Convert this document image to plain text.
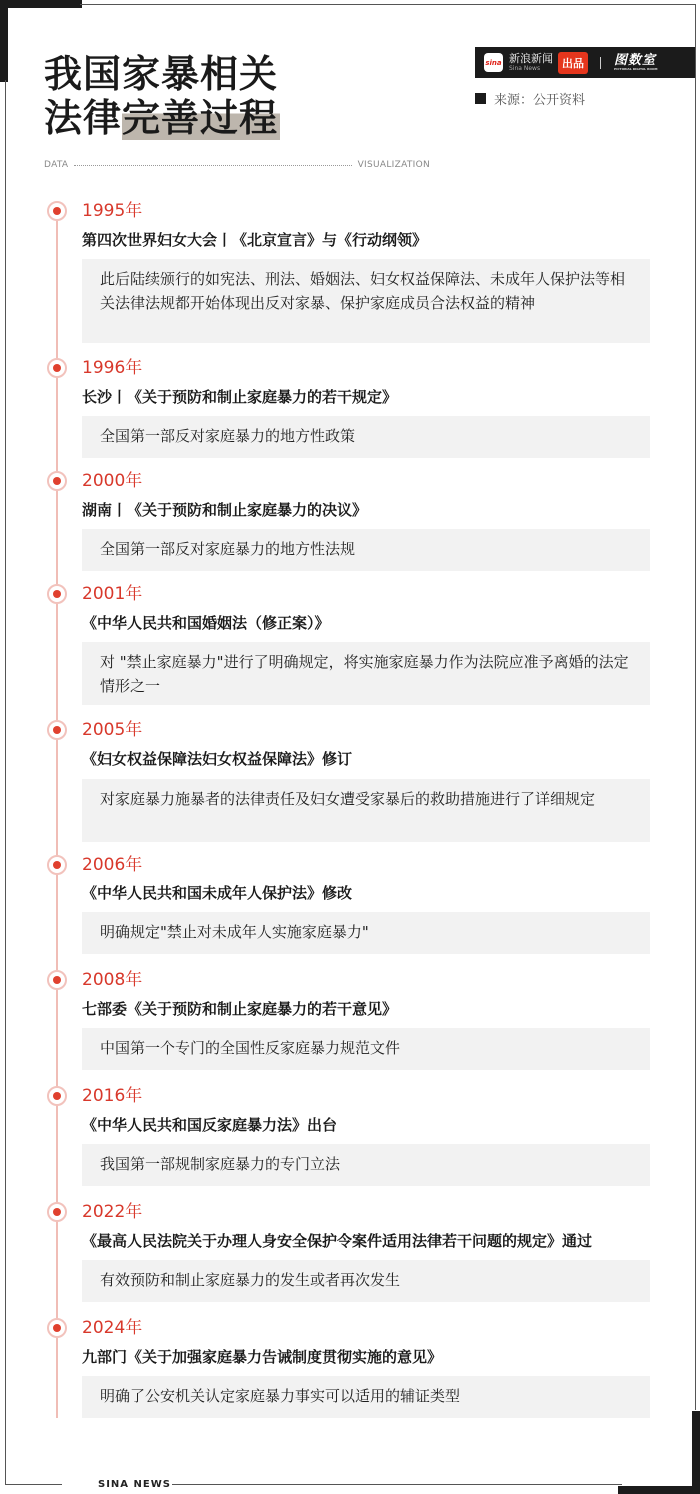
我国家暴相关
法律完善过程
sina 新浪新闻
Sina News	出品	图数室
PICTORIAL DIGITAL ROOM
来源：公开资料
DATA	VISUALIZATION
1995年
第四次世界妇女大会丨《北京宣言》与《行动纲领》
此后陆续颁行的如宪法、刑法、婚姻法、妇女权益保障法、未成年人保护法等相关法律法规都开始体现出反对家暴、保护家庭成员合法权益的精神
1996年
长沙丨《关于预防和制止家庭暴力的若干规定》
全国第一部反对家庭暴力的地方性政策
2000年
湖南丨《关于预防和制止家庭暴力的决议》
全国第一部反对家庭暴力的地方性法规
2001年
《中华人民共和国婚姻法（修正案）》
对 "禁止家庭暴力"进行了明确规定，将实施家庭暴力作为法院应准予离婚的法定情形之一
2005年
《妇女权益保障法妇女权益保障法》修订
对家庭暴力施暴者的法律责任及妇女遭受家暴后的救助措施进行了详细规定
2006年
《中华人民共和国未成年人保护法》修改
明确规定"禁止对未成年人实施家庭暴力"
2008年
七部委《关于预防和制止家庭暴力的若干意见》
中国第一个专门的全国性反家庭暴力规范文件
2016年
《中华人民共和国反家庭暴力法》出台
我国第一部规制家庭暴力的专门立法
2022年
《最高人民法院关于办理人身安全保护令案件适用法律若干问题的规定》通过
有效预防和制止家庭暴力的发生或者再次发生
2024年
九部门《关于加强家庭暴力告诫制度贯彻实施的意见》
明确了公安机关认定家庭暴力事实可以适用的辅证类型
SINA NEWS
